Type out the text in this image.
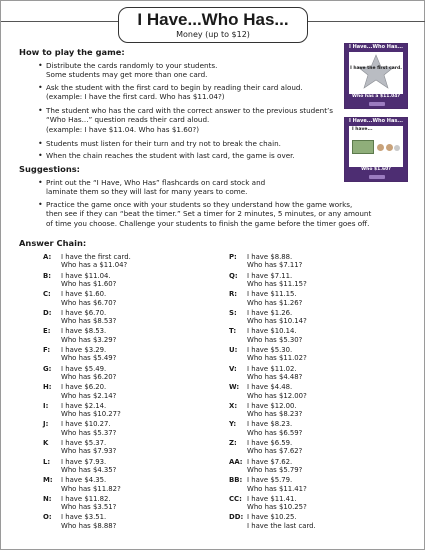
I Have...Who Has...
Money (up to $12)
How to play the game:
• Distribute the cards randomly to your students.
Some students may get more than one card.
• Ask the student with the first card to begin by reading their card aloud.
(example: I have the first card. Who has $11.04?)
• The student who has the card with the correct answer to the previous student’s
“Who Has...” question reads their card aloud.
(example: I have $11.04. Who has $1.60?)
• Students must listen for their turn and try not to break the chain.
• When the chain reaches the student with last card, the game is over.
I Have...Who Has...
I have the first card.
Who has a $11.04?
I Have...Who Has...
I have...
Who $1.60?
Suggestions:
• Print out the “I Have, Who Has” flashcards on card stock and
laminate them so they will last for many years to come.
• Practice the game once with your students so they understand how the game works,
then see if they can “beat the timer.” Set a timer for 2 minutes, 5 minutes, or any amount
of time you choose. Challenge your students to finish the game before the timer goes off.
Answer Chain:
A: I have the first card.
Who has a $11.04?
B: I have $11.04.
Who has $1.60?
C: I have $1.60.
Who has $6.70?
D: I have $6.70.
Who has $8.53?
E: I have $8.53.
Who has $3.29?
F: I have $3.29.
Who has $5.49?
G: I have $5.49.
Who has $6.20?
H: I have $6.20.
Who has $2.14?
I: I have $2.14.
Who has $10.27?
J: I have $10.27.
Who has $5.37?
K I have $5.37.
Who has $7.93?
L: I have $7.93.
Who has $4.35?
M: I have $4.35.
Who has $11.82?
N: I have $11.82.
Who has $3.51?
O: I have $3.51.
Who has $8.88?
P: I have $8.88.
Who has $7.11?
Q: I have $7.11.
Who has $11.15?
R: I have $11.15.
Who has $1.26?
S: I have $1.26.
Who has $10.14?
T: I have $10.14.
Who has $5.30?
U: I have $5.30.
Who has $11.02?
V: I have $11.02.
Who has $4.48?
W: I have $4.48.
Who has $12.00?
X: I have $12.00.
Who has $8.23?
Y: I have $8.23.
Who has $6.59?
Z: I have $6.59.
Who has $7.62?
AA: I have $7.62.
Who has $5.79?
BB: I have $5.79.
Who has $11.41?
CC: I have $11.41.
Who has $10.25?
DD: I have $10.25.
I have the last card.
